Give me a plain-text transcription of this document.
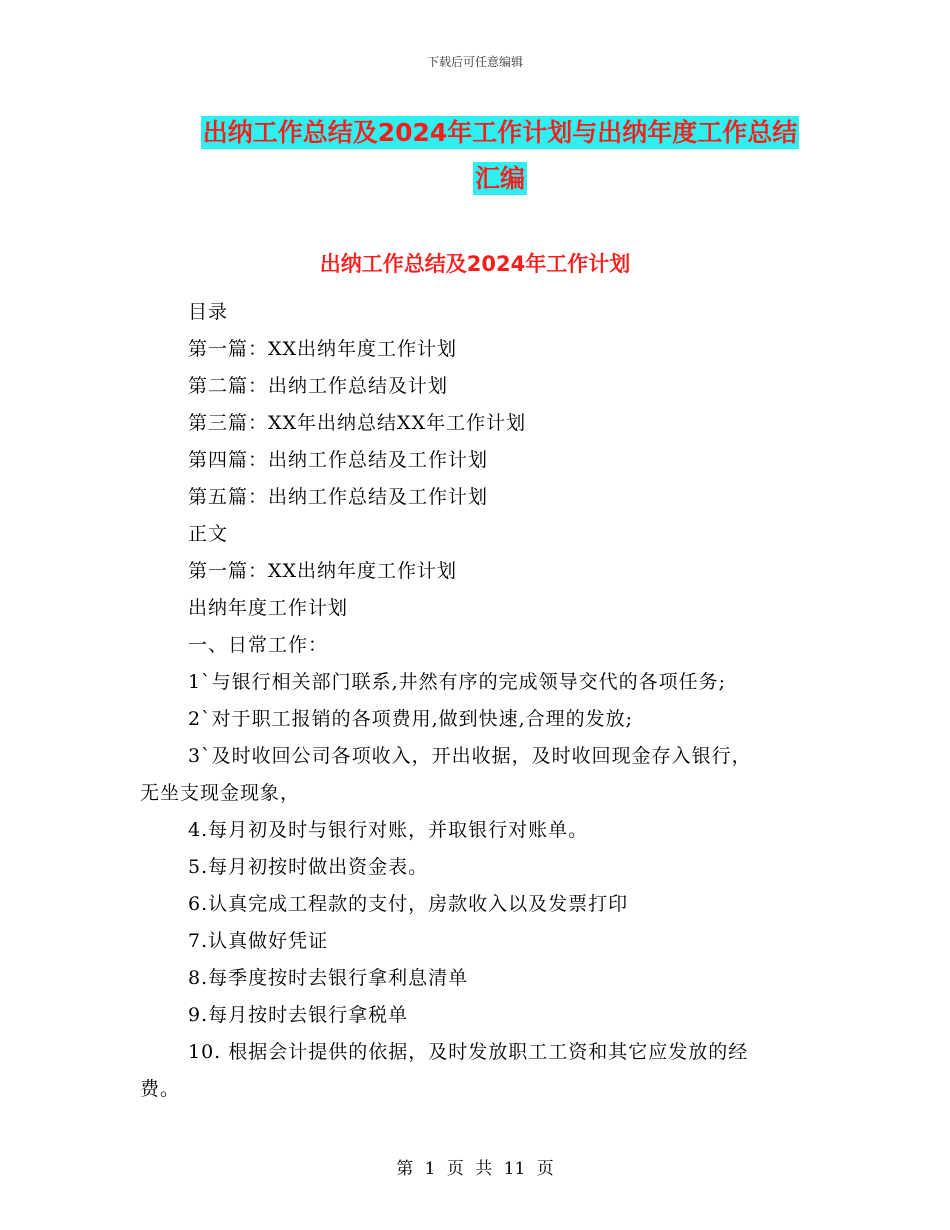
下载后可任意编辑
出纳工作总结及2024年工作计划与出纳年度工作总结
汇编
出纳工作总结及2024年工作计划
目录
第一篇：XX出纳年度工作计划
第二篇：出纳工作总结及计划
第三篇：XX年出纳总结XX年工作计划
第四篇：出纳工作总结及工作计划
第五篇：出纳工作总结及工作计划
正文
第一篇：XX出纳年度工作计划
出纳年度工作计划
一、日常工作：
1`与银行相关部门联系,井然有序的完成领导交代的各项任务;
2`对于职工报销的各项费用,做到快速,合理的发放;
3`及时收回公司各项收入，开出收据，及时收回现金存入银行，
无坐支现金现象，
4.每月初及时与银行对账，并取银行对账单。
5.每月初按时做出资金表。
6.认真完成工程款的支付，房款收入以及发票打印
7.认真做好凭证
8.每季度按时去银行拿利息清单
9.每月按时去银行拿税单
10. 根据会计提供的依据，及时发放职工工资和其它应发放的经
费。
第 1 页 共 11 页
